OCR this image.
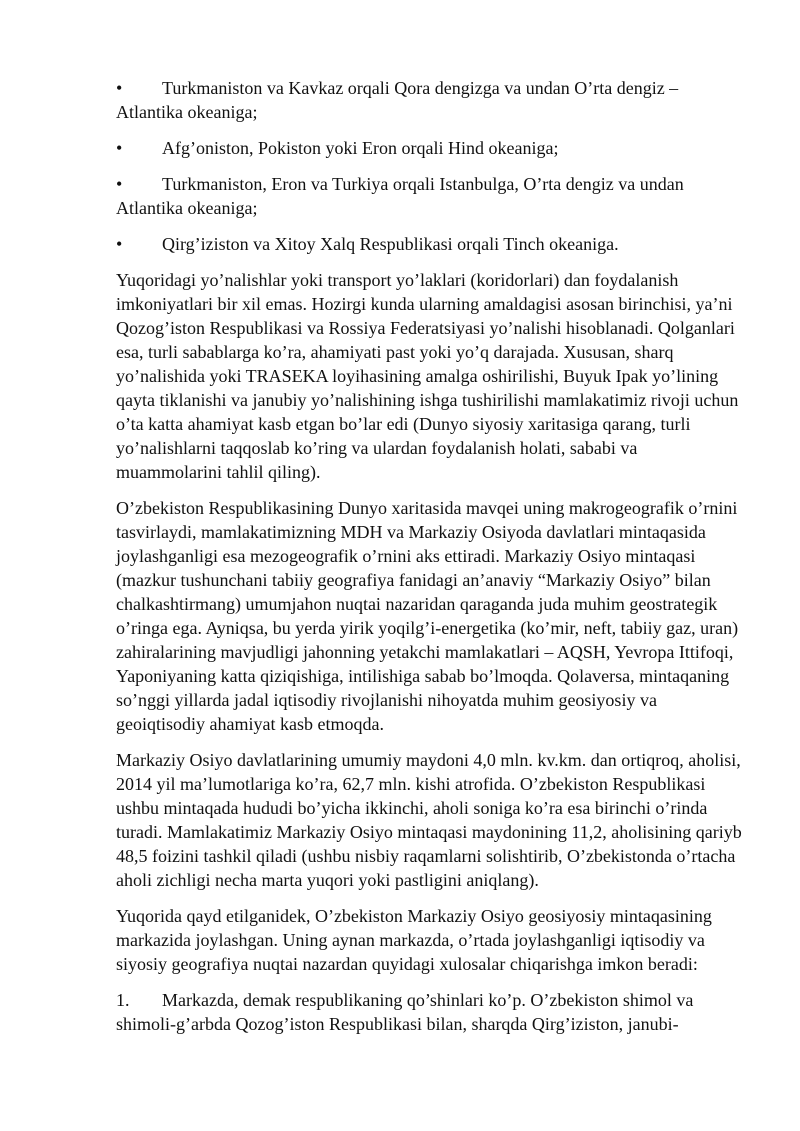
• Turkmaniston va Kavkaz orqali Qora dengizga va undan O’rta dengiz – Atlantika okeaniga;
• Afg’oniston, Pokiston yoki Eron orqali Hind okeaniga;
• Turkmaniston, Eron va Turkiya orqali Istanbulga, O’rta dengiz va undan Atlantika okeaniga;
• Qirg’iziston va Xitoy Xalq Respublikasi orqali Tinch okeaniga.

Yuqoridagi yo’nalishlar yoki transport yo’laklari (koridorlari) dan foydalanish imkoniyatlari bir xil emas. Hozirgi kunda ularning amaldagisi asosan birinchisi, ya’ni Qozog’iston Respublikasi va Rossiya Federatsiyasi yo’nalishi hisoblanadi. Qolganlari esa, turli sabablarga ko’ra, ahamiyati past yoki yo’q darajada. Xususan, sharq yo’nalishida yoki TRASEKA loyihasining amalga oshirilishi, Buyuk Ipak yo’lining qayta tiklanishi va janubiy yo’nalishining ishga tushirilishi mamlakatimiz rivoji uchun o’ta katta ahamiyat kasb etgan bo’lar edi (Dunyo siyosiy xaritasiga qarang, turli yo’nalishlarni taqqoslab ko’ring va ulardan foydalanish holati, sababi va muammolarini tahlil qiling).

O’zbekiston Respublikasining Dunyo xaritasida mavqei uning makrogeografik o’rnini tasvirlaydi, mamlakatimizning MDH va Markaziy Osiyoda davlatlari mintaqasida joylashganligi esa mezogeografik o’rnini aks ettiradi. Markaziy Osiyo mintaqasi (mazkur tushunchani tabiiy geografiya fanidagi an’anaviy “Markaziy Osiyo” bilan chalkashtirmang) umumjahon nuqtai nazaridan qaraganda juda muhim geostrategik o’ringa ega. Ayniqsa, bu yerda yirik yoqilg’i-energetika (ko’mir, neft, tabiiy gaz, uran) zahiralarining mavjudligi jahonning yetakchi mamlakatlari – AQSH, Yevropa Ittifoqi, Yaponiyaning katta qiziqishiga, intilishiga sabab bo’lmoqda. Qolaversa, mintaqaning so’nggi yillarda jadal iqtisodiy rivojlanishi nihoyatda muhim geosiyosiy va geoiqtisodiy ahamiyat kasb etmoqda.

Markaziy Osiyo davlatlarining umumiy maydoni 4,0 mln. kv.km. dan ortiqroq, aholisi, 2014 yil ma’lumotlariga ko’ra, 62,7 mln. kishi atrofida. O’zbekiston Respublikasi ushbu mintaqada hududi bo’yicha ikkinchi, aholi soniga ko’ra esa birinchi o’rinda turadi. Mamlakatimiz Markaziy Osiyo mintaqasi maydonining 11,2, aholisining qariyb 48,5 foizini tashkil qiladi (ushbu nisbiy raqamlarni solishtirib, O’zbekistonda o’rtacha aholi zichligi necha marta yuqori yoki pastligini aniqlang).

Yuqorida qayd etilganidek, O’zbekiston Markaziy Osiyo geosiyosiy mintaqasining markazida joylashgan. Uning aynan markazda, o’rtada joylashganligi iqtisodiy va siyosiy geografiya nuqtai nazardan quyidagi xulosalar chiqarishga imkon beradi:

1. Markazda, demak respublikaning qo’shinlari ko’p. O’zbekiston shimol va shimoli-g’arbda Qozog’iston Respublikasi bilan, sharqda Qirg’iziston, janubi-
